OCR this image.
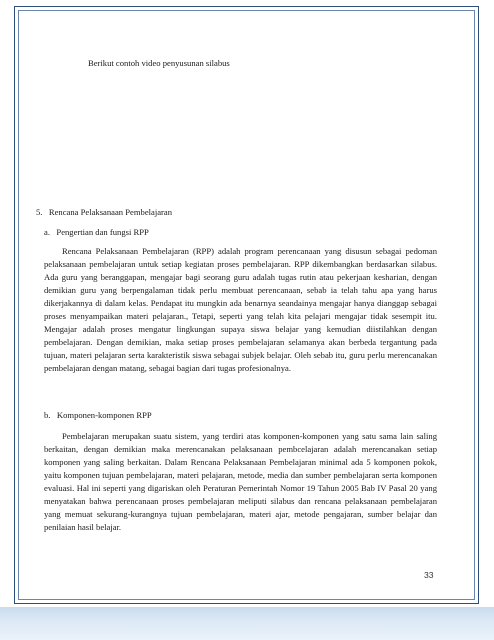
Berikut contoh video penyusunan silabus

5.   Rencana Pelaksanaan Pembelajaran

a.   Pengertian dan fungsi RPP

Rencana Pelaksanaan Pembelajaran (RPP) adalah program perencanaan yang disusun sebagai pedoman pelaksanaan pembelajaran untuk setiap kegiatan proses pembelajaran. RPP dikembangkan berdasarkan silabus. Ada guru yang beranggapan, mengajar bagi seorang guru adalah tugas rutin atau pekerjaan kesharian, dengan demikian guru yang berpengalaman tidak perlu membuat perencanaan, sebab ia telah tahu apa yang harus dikerjakannya di dalam kelas. Pendapat itu mungkin ada benarnya seandainya mengajar hanya dianggap sebagai proses menyampaikan materi pelajaran., Tetapi, seperti yang telah kita pelajari mengajar tidak sesempit itu. Mengajar adalah proses mengatur lingkungan supaya siswa belajar yang kemudian diistilahkan dengan pembelajaran. Dengan demikian, maka setiap proses pembelajaran selamanya akan berbeda tergantung pada tujuan, materi pelajaran serta karakteristik siswa sebagai subjek belajar. Oleh sebab itu, guru perlu merencanakan pembelajaran dengan matang, sebagai bagian dari tugas profesionalnya.

b.   Komponen-komponen RPP

Pembelajaran merupakan suatu sistem, yang terdiri atas komponen-komponen yang satu sama lain saling berkaitan, dengan demikian maka merencanakan pelaksanaan pembcelajaran adalah merencanakan setiap komponen yang saling berkaitan. Dalam Rencana Pelaksanaan Pembelajaran minimal ada 5 komponen pokok, yaitu komponen tujuan pembelajaran, materi pelajaran, metode, media dan sumber pembelajaran serta komponen evaluasi. Hal ini seperti yang digariskan oleh Peraturan Pemerintah Nomor 19 Tahun 2005 Bab IV Pasal 20 yang menyatakan bahwa perencanaan proses pembelajaran meliputi silabus dan rencana pelaksanaan pembelajaran yang memuat sekurang-kurangnya tujuan pembelajaran, materi ajar, metode pengajaran, sumber belajar dan penilaian hasil belajar.

33
